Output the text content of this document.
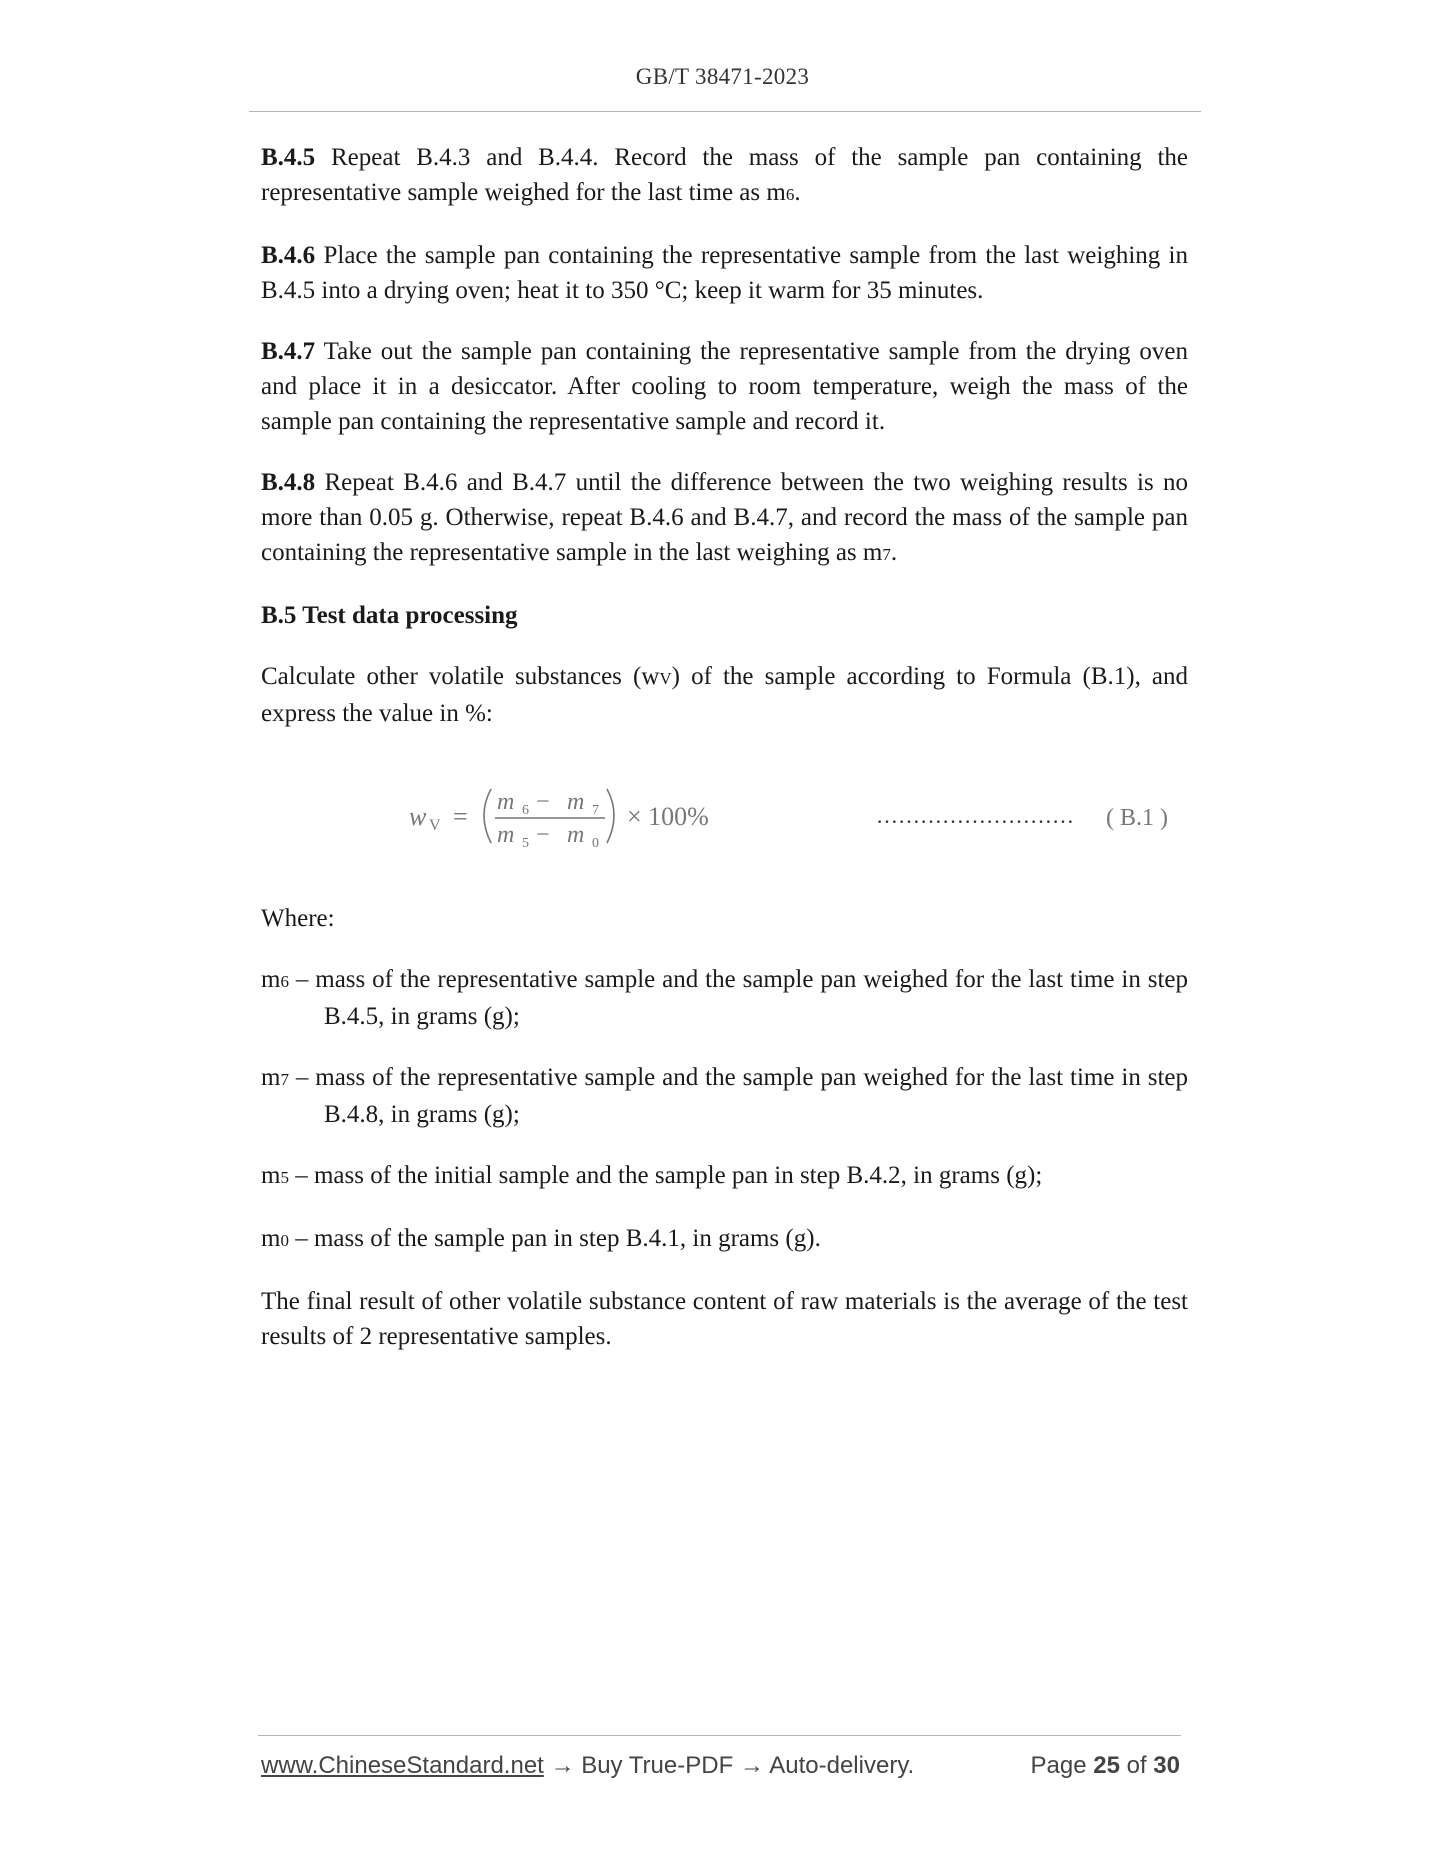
GB/T 38471-2023

B.4.5 Repeat B.4.3 and B.4.4. Record the mass of the sample pan containing the representative sample weighed for the last time as m6.

B.4.6 Place the sample pan containing the representative sample from the last weighing in B.4.5 into a drying oven; heat it to 350 °C; keep it warm for 35 minutes.

B.4.7 Take out the sample pan containing the representative sample from the drying oven and place it in a desiccator. After cooling to room temperature, weigh the mass of the sample pan containing the representative sample and record it.

B.4.8 Repeat B.4.6 and B.4.7 until the difference between the two weighing results is no more than 0.05 g. Otherwise, repeat B.4.6 and B.4.7, and record the mass of the sample pan containing the representative sample in the last weighing as m7.

B.5 Test data processing

Calculate other volatile substances (wV) of the sample according to Formula (B.1), and express the value in %:

w V = m 6 − m 7
m 5 − m 0
× 100%	……………………… ( B.1 )

Where:

m6 – mass of the representative sample and the sample pan weighed for the last time in step B.4.5, in grams (g);

m7 – mass of the representative sample and the sample pan weighed for the last time in step B.4.8, in grams (g);

m5 – mass of the initial sample and the sample pan in step B.4.2, in grams (g);

m0 – mass of the sample pan in step B.4.1, in grams (g).

The final result of other volatile substance content of raw materials is the average of the test results of 2 representative samples.

www.ChineseStandard.net → Buy True-PDF → Auto-delivery.	Page 25 of 30
